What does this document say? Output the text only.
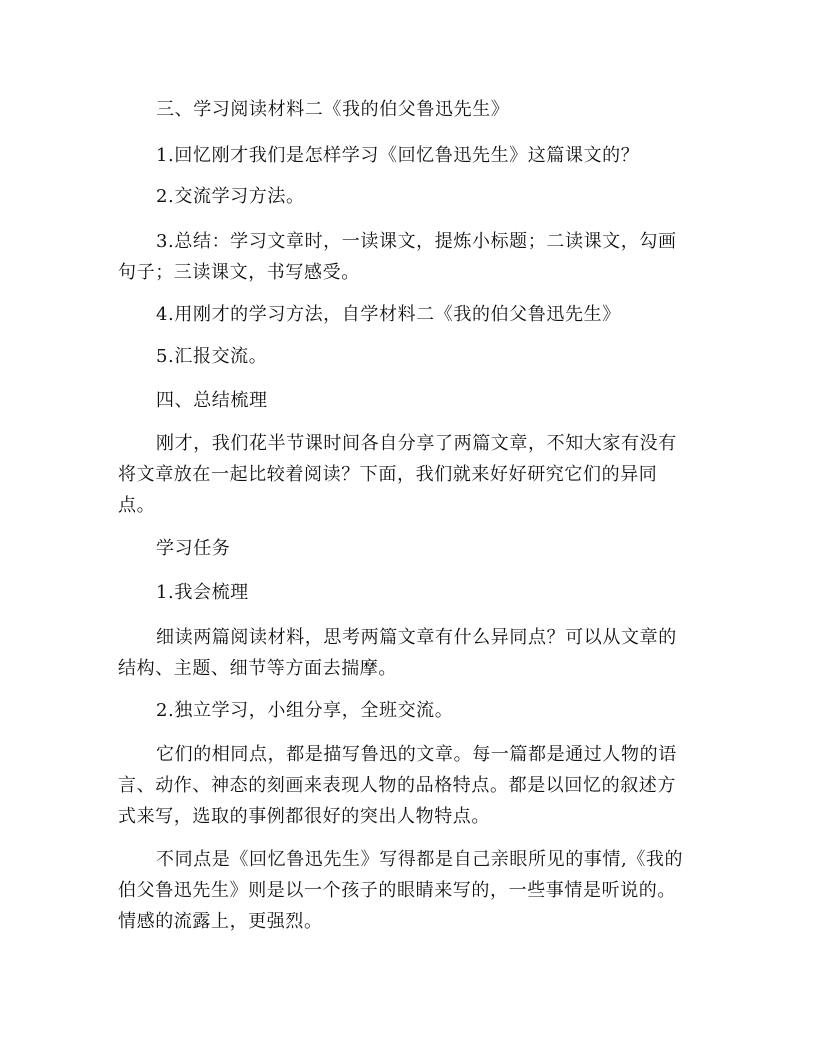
三、学习阅读材料二《我的伯父鲁迅先生》

1.回忆刚才我们是怎样学习《回忆鲁迅先生》这篇课文的？

2.交流学习方法。

3.总结：学习文章时，一读课文，提炼小标题；二读课文，勾画
句子；三读课文，书写感受。

4.用刚才的学习方法，自学材料二《我的伯父鲁迅先生》

5.汇报交流。

四、总结梳理

刚才，我们花半节课时间各自分享了两篇文章，不知大家有没有
将文章放在一起比较着阅读？下面，我们就来好好研究它们的异同
点。

学习任务

1.我会梳理

细读两篇阅读材料，思考两篇文章有什么异同点？可以从文章的
结构、主题、细节等方面去揣摩。

2.独立学习，小组分享，全班交流。

它们的相同点，都是描写鲁迅的文章。每一篇都是通过人物的语
言、动作、神态的刻画来表现人物的品格特点。都是以回忆的叙述方
式来写，选取的事例都很好的突出人物特点。

不同点是《回忆鲁迅先生》写得都是自己亲眼所见的事情,《我的
伯父鲁迅先生》则是以一个孩子的眼睛来写的，一些事情是听说的。
情感的流露上，更强烈。
